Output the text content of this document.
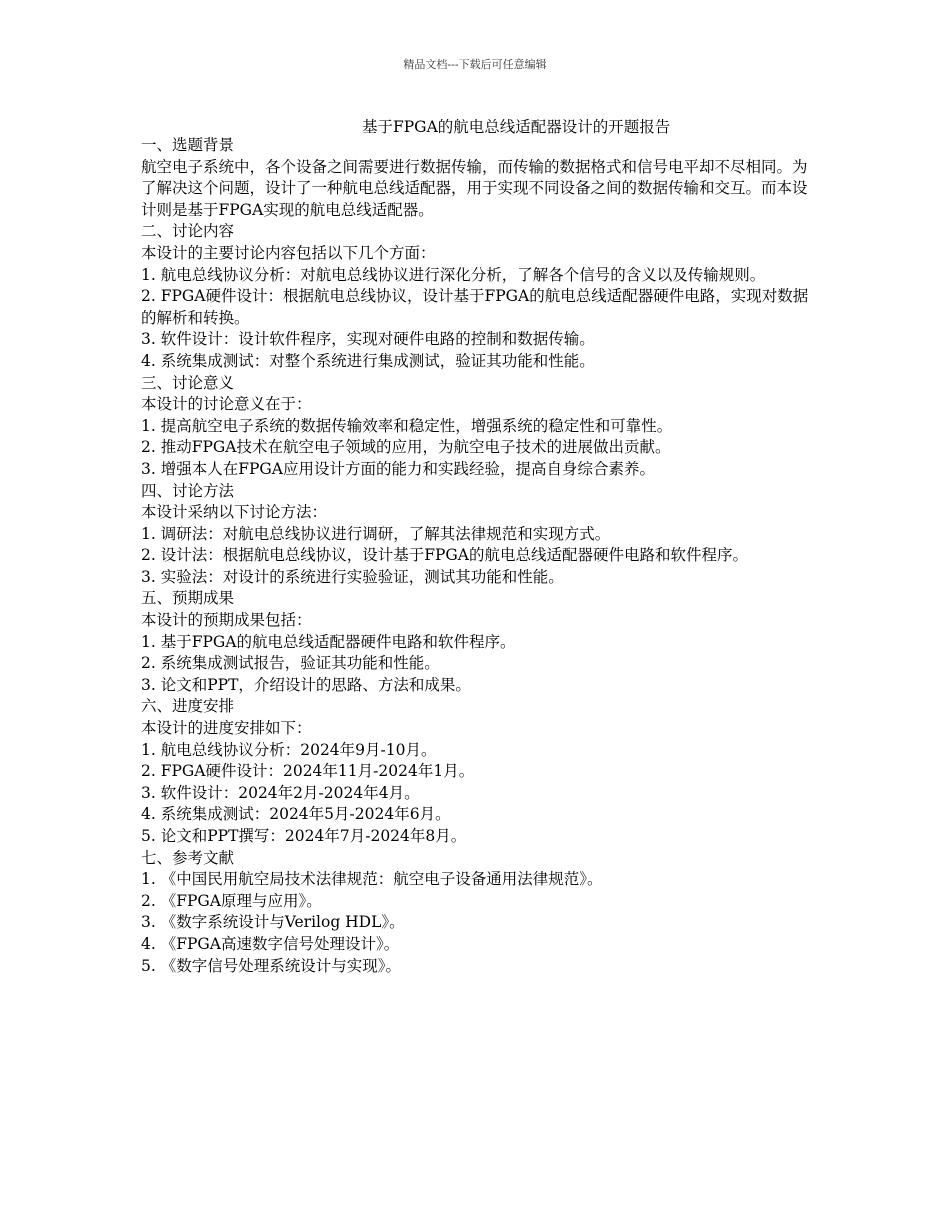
精品文档---下载后可任意编辑
基于FPGA的航电总线适配器设计的开题报告

一、选题背景

航空电子系统中，各个设备之间需要进行数据传输，而传输的数据格式和信号电平却不尽相同。为了解决这个问题，设计了一种航电总线适配器，用于实现不同设备之间的数据传输和交互。而本设计则是基于FPGA实现的航电总线适配器。

二、讨论内容

本设计的主要讨论内容包括以下几个方面：

1. 航电总线协议分析：对航电总线协议进行深化分析，了解各个信号的含义以及传输规则。

2. FPGA硬件设计：根据航电总线协议，设计基于FPGA的航电总线适配器硬件电路，实现对数据的解析和转换。

3. 软件设计：设计软件程序，实现对硬件电路的控制和数据传输。

4. 系统集成测试：对整个系统进行集成测试，验证其功能和性能。

三、讨论意义

本设计的讨论意义在于：

1. 提高航空电子系统的数据传输效率和稳定性，增强系统的稳定性和可靠性。

2. 推动FPGA技术在航空电子领域的应用，为航空电子技术的进展做出贡献。

3. 增强本人在FPGA应用设计方面的能力和实践经验，提高自身综合素养。

四、讨论方法

本设计采纳以下讨论方法：

1. 调研法：对航电总线协议进行调研，了解其法律规范和实现方式。

2. 设计法：根据航电总线协议，设计基于FPGA的航电总线适配器硬件电路和软件程序。

3. 实验法：对设计的系统进行实验验证，测试其功能和性能。

五、预期成果

本设计的预期成果包括：

1. 基于FPGA的航电总线适配器硬件电路和软件程序。

2. 系统集成测试报告，验证其功能和性能。

3. 论文和PPT，介绍设计的思路、方法和成果。

六、进度安排

本设计的进度安排如下：

1. 航电总线协议分析：2024年9月-10月。

2. FPGA硬件设计：2024年11月-2024年1月。

3. 软件设计：2024年2月-2024年4月。

4. 系统集成测试：2024年5月-2024年6月。

5. 论文和PPT撰写：2024年7月-2024年8月。

七、参考文献

1. 《中国民用航空局技术法律规范：航空电子设备通用法律规范》。

2. 《FPGA原理与应用》。

3. 《数字系统设计与Verilog HDL》。

4. 《FPGA高速数字信号处理设计》。

5. 《数字信号处理系统设计与实现》。
